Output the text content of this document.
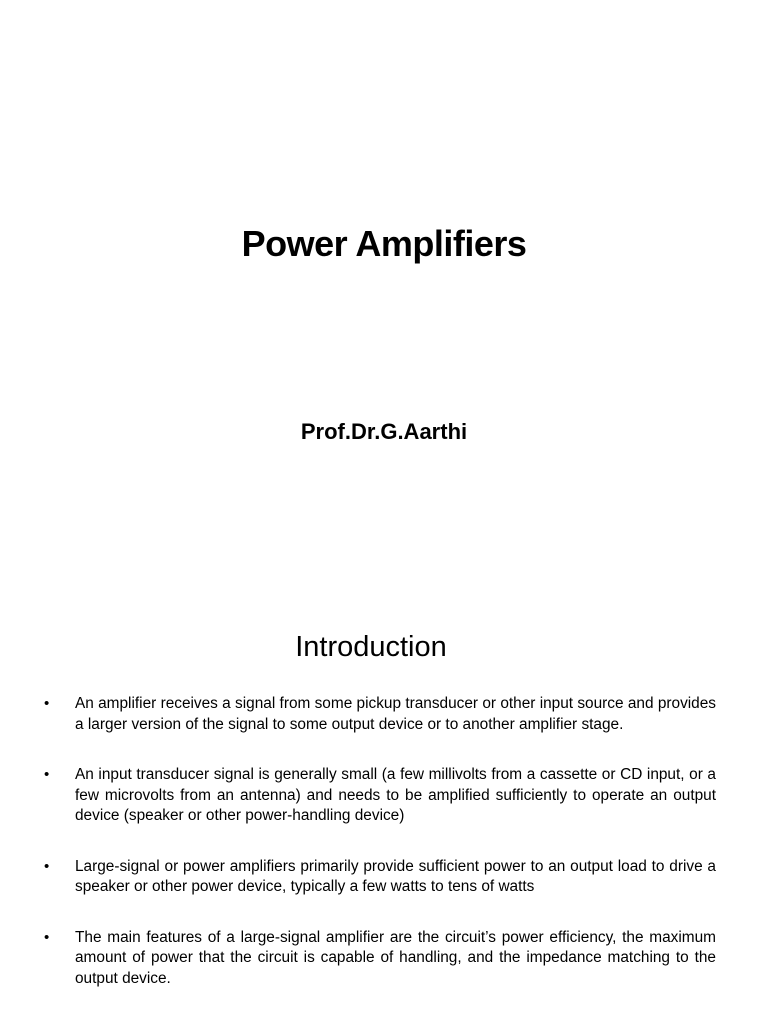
Power Amplifiers
Prof.Dr.G.Aarthi
Introduction
• An amplifier receives a signal from some pickup transducer or other input source and provides a larger version of the signal to some output device or to another amplifier stage.
• An input transducer signal is generally small (a few millivolts from a cassette or CD input, or a few microvolts from an antenna) and needs to be amplified sufficiently to operate an output device (speaker or other power-handling device)
• Large-signal or power amplifiers primarily provide sufficient power to an output load to drive a speaker or other power device, typically a few watts to tens of watts
• The main features of a large-signal amplifier are the circuit’s power efficiency, the maximum amount of power that the circuit is capable of handling, and the impedance matching to the output device.
